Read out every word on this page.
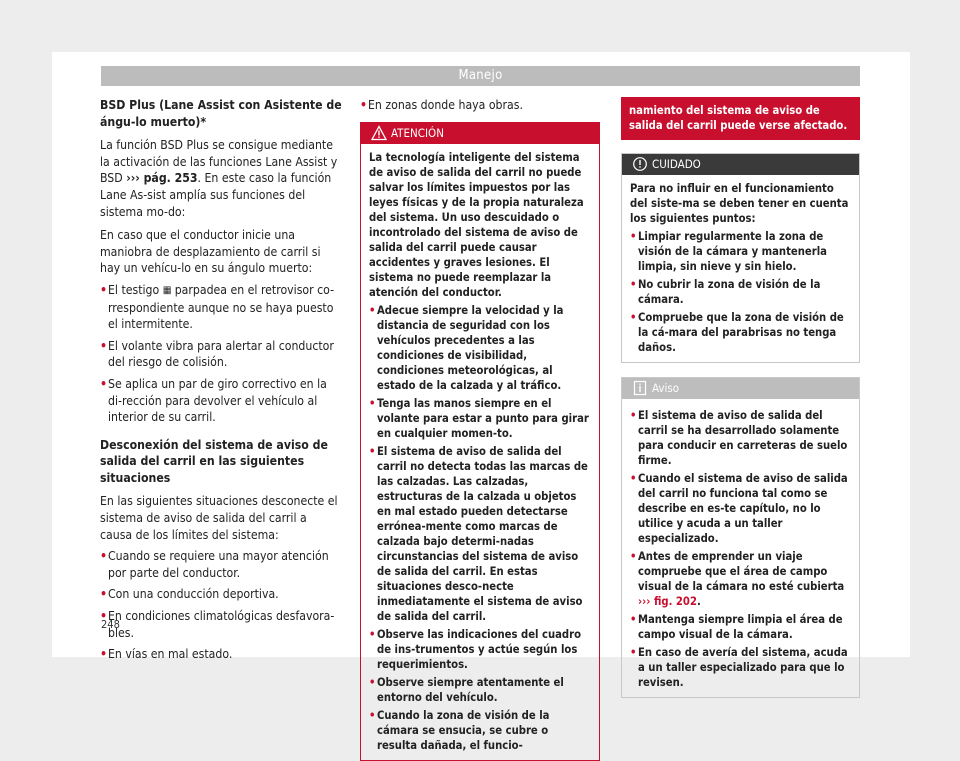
Manejo

BSD Plus (Lane Assist con Asistente de ángu-lo muerto)*

La función BSD Plus se consigue mediante la activación de las funciones Lane Assist y BSD ››› pág. 253. En este caso la función Lane As-sist amplía sus funciones del sistema mo-do:

En caso que el conductor inicie una maniobra de desplazamiento de carril si hay un vehícu-lo en su ángulo muerto:

• El testigo ▦ parpadea en el retrovisor co-rrespondiente aunque no se haya puesto el intermitente.
• El volante vibra para alertar al conductor del riesgo de colisión.
• Se aplica un par de giro correctivo en la di-rección para devolver el vehículo al interior de su carril.

Desconexión del sistema de aviso de salida del carril en las siguientes situaciones

En las siguientes situaciones desconecte el sistema de aviso de salida del carril a causa de los límites del sistema:

• Cuando se requiere una mayor atención por parte del conductor.
• Con una conducción deportiva.
• En condiciones climatológicas desfavora-bles.
• En vías en mal estado.
• En zonas donde haya obras.
ATENCIÓN

La tecnología inteligente del sistema de aviso de salida del carril no puede salvar los límites impuestos por las leyes físicas y de la propia naturaleza del sistema. Un uso descuidado o incontrolado del sistema de aviso de salida del carril puede causar accidentes y graves lesiones. El sistema no puede reemplazar la atención del conductor.

• Adecue siempre la velocidad y la distancia de seguridad con los vehículos precedentes a las condiciones de visibilidad, condiciones meteorológicas, al estado de la calzada y al tráfico.
• Tenga las manos siempre en el volante para estar a punto para girar en cualquier momen-to.
• El sistema de aviso de salida del carril no detecta todas las marcas de las calzadas. Las calzadas, estructuras de la calzada u objetos en mal estado pueden detectarse errónea-mente como marcas de calzada bajo determi-nadas circunstancias del sistema de aviso de salida del carril. En estas situaciones desco-necte inmediatamente el sistema de aviso de salida del carril.
• Observe las indicaciones del cuadro de ins-trumentos y actúe según los requerimientos.
• Observe siempre atentamente el entorno del vehículo.
• Cuando la zona de visión de la cámara se ensucia, se cubre o resulta dañada, el funcio-
namiento del sistema de aviso de salida del carril puede verse afectado.
CUIDADO

Para no influir en el funcionamiento del siste-ma se deben tener en cuenta los siguientes puntos:

• Limpiar regularmente la zona de visión de la cámara y mantenerla limpia, sin nieve y sin hielo.
• No cubrir la zona de visión de la cámara.
• Compruebe que la zona de visión de la cá-mara del parabrisas no tenga daños.
Aviso
• El sistema de aviso de salida del carril se ha desarrollado solamente para conducir en carreteras de suelo firme.
• Cuando el sistema de aviso de salida del carril no funciona tal como se describe en es-te capítulo, no lo utilice y acuda a un taller especializado.
• Antes de emprender un viaje compruebe que el área de campo visual de la cámara no esté cubierta ››› fig. 202.
• Mantenga siempre limpia el área de campo visual de la cámara.
• En caso de avería del sistema, acuda a un taller especializado para que lo revisen.
248
